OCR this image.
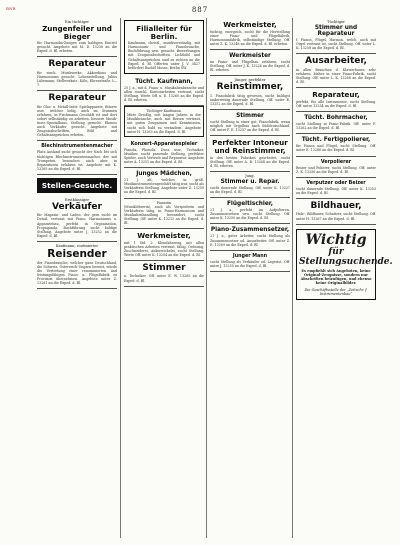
BNR	887
Ein tüchtiger
Zungenfeiler und Bieger
für Harmonika-Zungen zum baldigen Eintritt gesucht. Angebote mit M. D. 13238 an die Exped. d. Bl. erbeten.
Reparateur
für mech. Musikwerke, Akkordions und Harmoniums gesucht. Lebensstellung. Julius Lührmann, Stellwerkstr., Köln, Ehrenstraße 5—7.
Reparateur
für Glas- u. Metall-Instr. Spielapparate, Bitarre usw., welcher ledig, auch im Stimmen erfahren, in Fischmann Geschäft ist und dort sofort selbständig zu arbeiten, bessere Musik-Instr.-Spezialhaus, Stellung gesucht. Ebenso auch Verkäufer gesucht. Angebote mit Zeugnisabschriften, Bild und Gehaltsansprüchen erbeten.
Blechinstrumentenmacher
Platz Ausland sucht gesucht der Nach bei sich tüchtigen Blechinstrumentenmacher, der mit Trompeten, besonders auch aber in Reparaturen erfahren ist. Angebote mit K. 13265 an die Exped. d. Bl.
Stellen-Gesuche.
Erstklassiger
Verkäufer
für Magazin- und Laden, der gern sucht im Detail, vertraut mit Piano, Harmoniums u. Apparatebau, perfekt in Organisation, Propaganda, Buchführung sucht baldige Stellung. Angebote unter J. 13252 an die Exped. d. Bl.
Kaufmann, routinierter
Reisender
der Pianobranche, welcher ganz Deutschland, die Schweiz, Österreich-Ungarn bereist, würde die Vertretung einer renommierten und leistungsfähigen Piano- u. Flügelfabrik zu Provision übernehmen. Angebote unter Z. 13261 an die Exped. d. Bl.
Filialleiter für Berlin.
Kaufmann, christl., musikverständig, mit Harmonium- und Pianobranche, Buchführung usw. gesucht. Bewerbungen mit Zeugnisabschriften, Lichtbild und Gehaltsansprüchen sind zu richten an die Exped. d. Bl. Offerten unter J. V. 3427 befördert Rudolf Mosse, Berlin SW.
Tücht. Kaufmann,
25 J. a., mit d. Piano- u. Musikalienbranche und allen einschl. Kontorarbeiten vertraut, sucht Stellung. Werte Off. u. E. 13260 an die Exped. d. Bl. erbeten.
Tüchtiger Kaufmann,
Mitte Dreißig, seit langen Jahren in der Musikbranche, auch mit Reisen vertraut, mit guten Zeugnissen und Kenntnissen, sucht sich bald zu verändern. Angebote unter H. 13263 an die Exped. d. Bl.
Konzert-Apparatespieler
Pianola, Phonola, Duca usw., Techniker, Musiker, sucht passende Stellung, perfekter Spieler, auch Vertrieb und Reparatur. Angebote unter A. 13251 an die Exped. d. Bl.
Junges Mädchen,
21 J. alt, welches in größ. Musikinstrumentengeschäft tätig war, sucht als Verkäuferin Stellung. Angebote unter Z. 13259 an die Exped. d. Bl.
Pianistin
(Musiklehrerin), auch als Vorspielerin und Verkäuferin tätig, in Piano-Harmonium und Musikalienhandlung bewandert, sucht Stellung. Off. unter K. 13212 an die Exped. d. Bl.
Werkmeister,
mit 1 Std. 2. Kleinfahrzeug, mit allen praktischen Arbeiten vertraut, fähig, Ordnung, Zuschneiderei, Ankerwickelei, sucht Stellung. Werte Off. unter K. 13204 an die Exped. d. Bl.
Stimmer
u. Techniker. Off. unter E. W. 13265 an die Exped. d. Bl.
Werkmeister,
tüchtig, energisch, sucht für die Herstellung einer Piano- und Flügelfabrik, Harmoniumfabrik, selbständige Stellung. Off. unter Z. K. 13248 an die Exped. d. Bl. erbeten.
Werkmeister
im Piano- und Flügelbau erfahren, sucht Stellung. Off. unter J. K. 13226 an die Exped. d. Bl. erbeten.
Jünger, perfekter
Reinstimmer,
1. Pianofabrik tätig gewesen, sucht baldigst anderweitig dauernde Stellung. Off. unter E. 13252 an die Exped. d. Bl.
Stimmer
sucht Stellung in einer gut. Pianofabrik, wenn möglich mit Orgelbau nach Süddeutschland. Off. unter F. E. 13257 an die Exped. d. Bl.
Perfekter Intoneur und Reinstimmer,
in den besten Fabriken gearbeitet, sucht Stellung. Off. unter A. B. 13264 an die Exped. d. Bl. erbeten.
Jung,
Stimmer u. Repar.
sucht dauernde Stellung. Off. unter K. 13237 an die Exped. d. Bl.
Flügeltischler,
21 J. a., perfekt im Aufpolieren, Zusammensetzen usw. sucht Stellung. Off. unter K. 13250 an die Exped. d. Bl.
Piano-Zusammensetzer,
21 J. a., guter Arbeiter, sucht Stellung als Zusammensetzer od. Ausarbeiter. Off. unter Z. E. 13269 an die Exped. d. Bl.
Junger Mann
sucht Stellung als Verkäufer od. Lagerist. Off. unter J. 13255 an die Exped. d. Bl.
Tüchtiger
Stimmer und Reparateur
f. Pianos, Flügel, Harmon. welch. auch mit Orgel vertraut ist, sucht Stellung. Off. unter L. K. 13258 an die Exped. d. Bl.
Ausarbeiter,
in allen Branchen d. Klavierbaues sehr erfahren, bisher in einer Piano-Fabrik, sucht Stellung. Off. unter L. K. 13268 an die Exped. d. Bl.
Reparateur,
perfekt, für alle Instrumente, sucht Stellung. Off. unter 13254 an die Exped. d. Bl.
Tücht. Bohrmacher,
sucht Stellung in Piano-Fabrik. Off. unter F. 13262 an die Exped. d. Bl.
Tücht. Fertigpolierer,
für Pianos und Flügel, sucht Stellung. Off. unter E. 13266 an die Exped. d. Bl.
Verpolierer
Beizer und Polierer, sucht Stellung. Off. unter Z. K. 13256 an die Exped. d. Bl.
Verputzer oder Beizer
sucht dauernde Stellung. Off. unter K. 13253 an die Exped. d. Bl.
Bildhauer,
Holz-, Bildhauer, Schnitzer, sucht Stellung. Off. unter H. 13267 an die Exped. d. Bl.
Wichtig
für Stellungsuchende.
Es empfiehlt sich Angeboten, keine Original-Zeugnisse, sondern nur Abschriften beizufügen, und ebenso keine Originalbilder.
Die Geschäftsstelle der „Zeitschr. f. Instrumentenbau“
